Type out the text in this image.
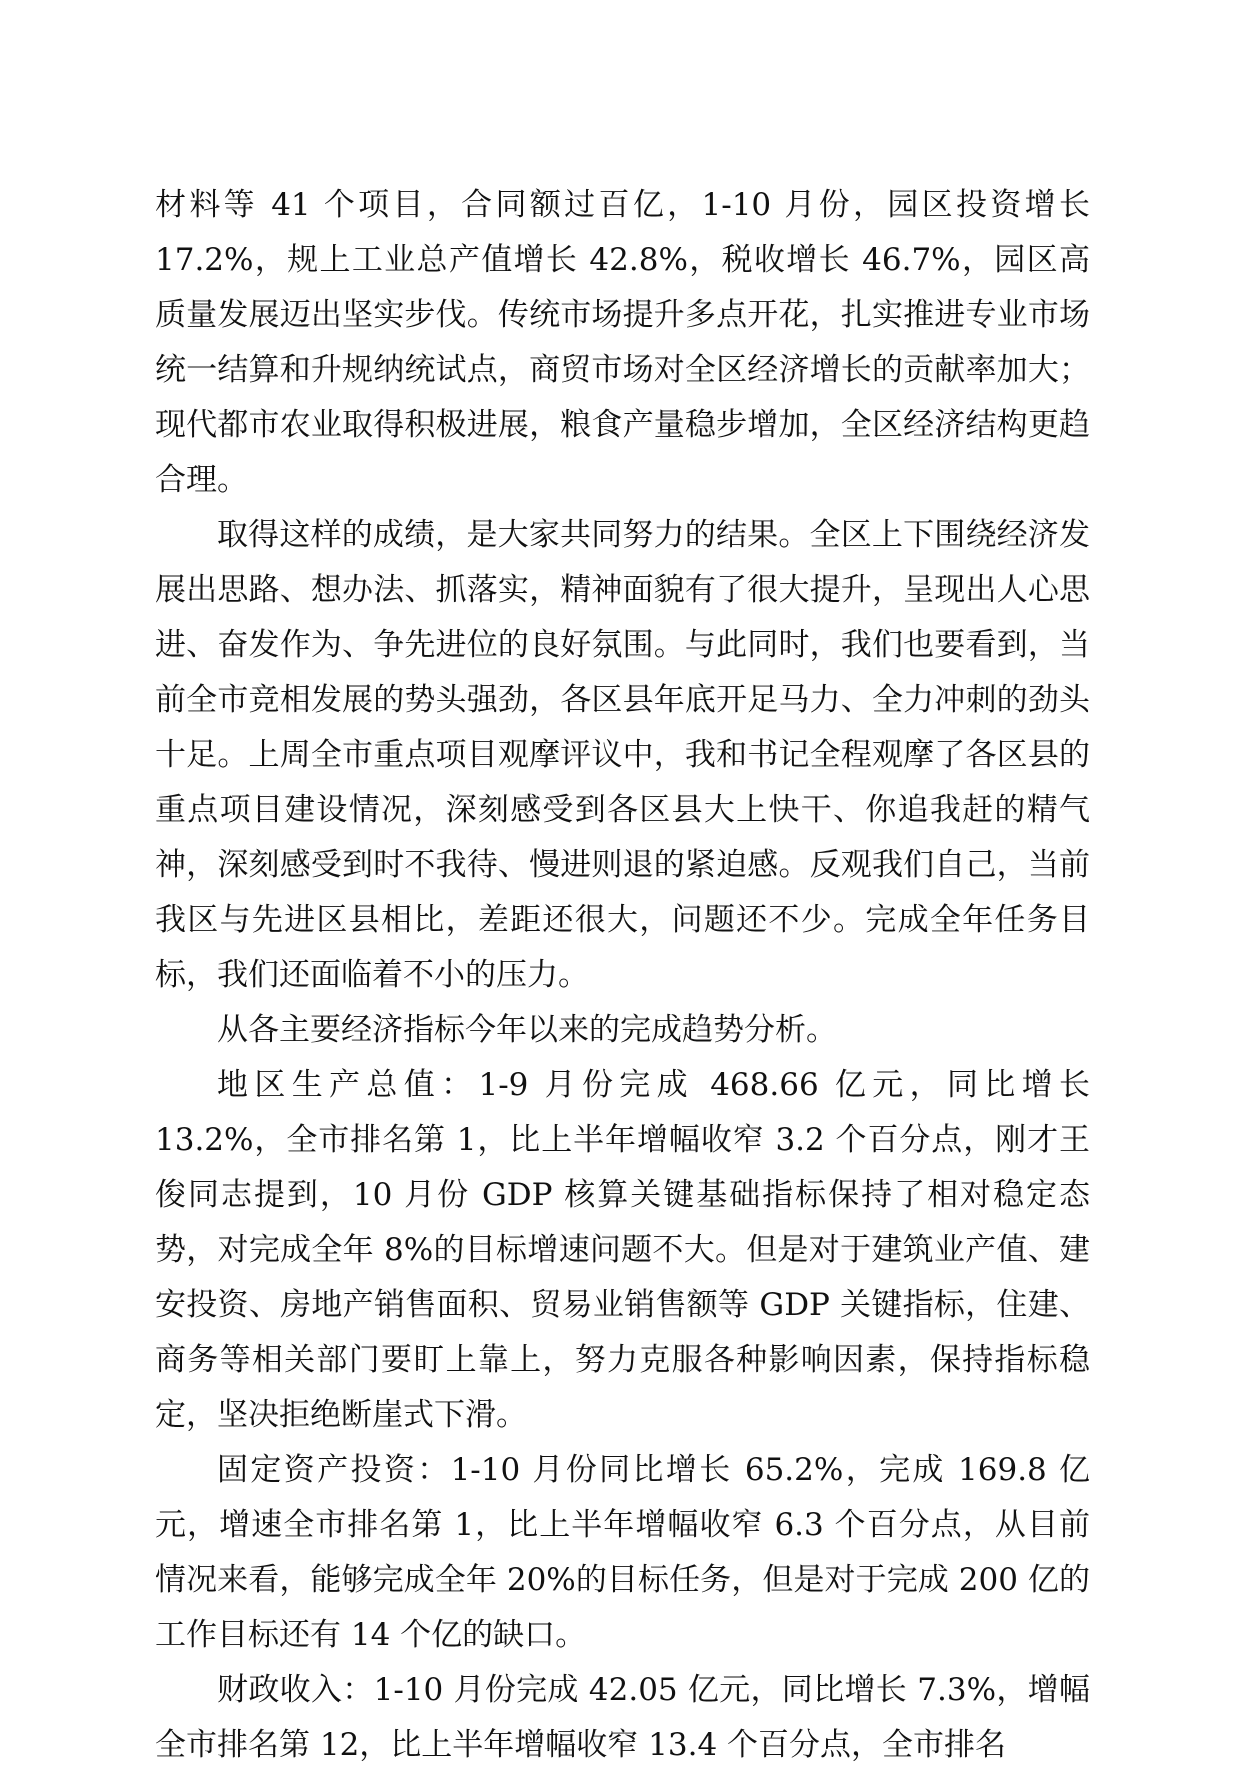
材料等 41 个项目，合同额过百亿，1-10 月份，园区投资增长 17.2%，规上工业总产值增长 42.8%，税收增长 46.7%，园区高质量发展迈出坚实步伐。传统市场提升多点开花，扎实推进专业市场统一结算和升规纳统试点，商贸市场对全区经济增长的贡献率加大；现代都市农业取得积极进展，粮食产量稳步增加，全区经济结构更趋合理。

取得这样的成绩，是大家共同努力的结果。全区上下围绕经济发展出思路、想办法、抓落实，精神面貌有了很大提升，呈现出人心思进、奋发作为、争先进位的良好氛围。与此同时，我们也要看到，当前全市竞相发展的势头强劲，各区县年底开足马力、全力冲刺的劲头十足。上周全市重点项目观摩评议中，我和书记全程观摩了各区县的重点项目建设情况，深刻感受到各区县大上快干、你追我赶的精气神，深刻感受到时不我待、慢进则退的紧迫感。反观我们自己，当前我区与先进区县相比，差距还很大，问题还不少。完成全年任务目标，我们还面临着不小的压力。

从各主要经济指标今年以来的完成趋势分析。

地区生产总值：1-9 月份完成 468.66 亿元，同比增长 13.2%，全市排名第 1，比上半年增幅收窄 3.2 个百分点，刚才王俊同志提到，10 月份 GDP 核算关键基础指标保持了相对稳定态势，对完成全年 8%的目标增速问题不大。但是对于建筑业产值、建安投资、房地产销售面积、贸易业销售额等 GDP 关键指标，住建、商务等相关部门要盯上靠上，努力克服各种影响因素，保持指标稳定，坚决拒绝断崖式下滑。

固定资产投资：1-10 月份同比增长 65.2%，完成 169.8 亿元，增速全市排名第 1，比上半年增幅收窄 6.3 个百分点，从目前情况来看，能够完成全年 20%的目标任务，但是对于完成 200 亿的工作目标还有 14 个亿的缺口。

财政收入：1-10 月份完成 42.05 亿元，同比增长 7.3%，增幅全市排名第 12，比上半年增幅收窄 13.4 个百分点，全市排名
